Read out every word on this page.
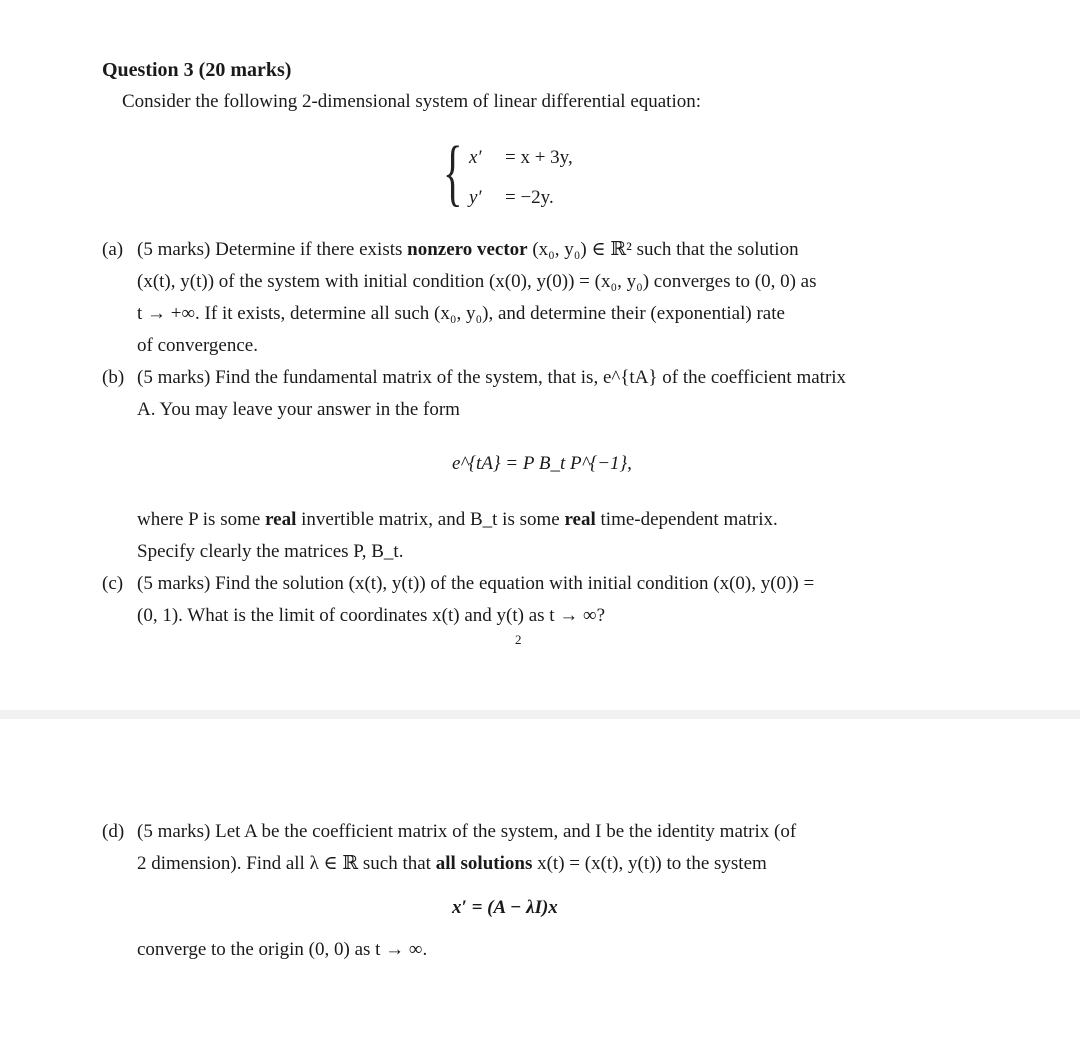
Question 3 (20 marks)
Consider the following 2-dimensional system of linear differential equation:
{ x′ = x + 3y,
y′ = −2y.
(a) (5 marks) Determine if there exists nonzero vector (x₀, y₀) ∈ ℝ² such that the solution
(x(t), y(t)) of the system with initial condition (x(0), y(0)) = (x₀, y₀) converges to (0, 0) as
t → +∞. If it exists, determine all such (x₀, y₀), and determine their (exponential) rate
of convergence.
(b) (5 marks) Find the fundamental matrix of the system, that is, e^{tA} of the coefficient matrix
A. You may leave your answer in the form
e^{tA} = P B_t P^{−1},
where P is some real invertible matrix, and B_t is some real time-dependent matrix.
Specify clearly the matrices P, B_t.
(c) (5 marks) Find the solution (x(t), y(t)) of the equation with initial condition (x(0), y(0)) =
(0, 1). What is the limit of coordinates x(t) and y(t) as t → ∞?
2
(d) (5 marks) Let A be the coefficient matrix of the system, and I be the identity matrix (of
2 dimension). Find all λ ∈ ℝ such that all solutions x(t) = (x(t), y(t)) to the system
x′ = (A − λI)x
converge to the origin (0, 0) as t → ∞.
